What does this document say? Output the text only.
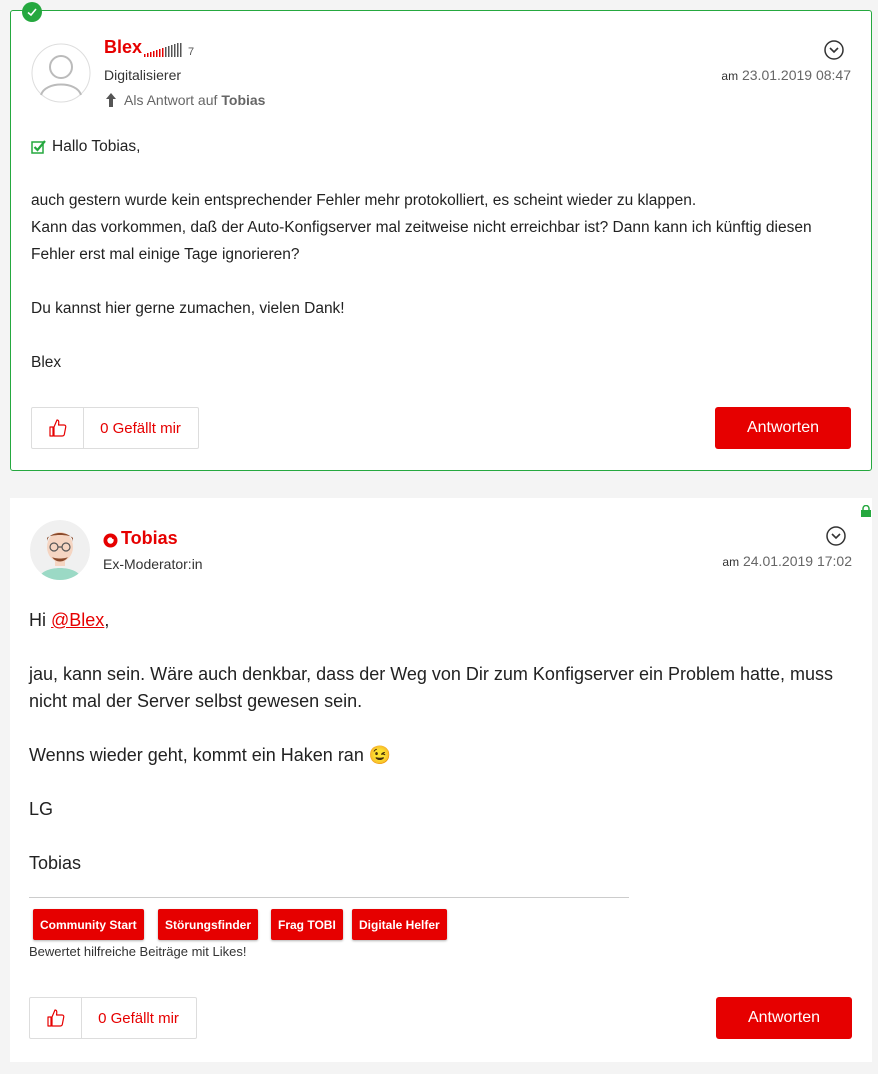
Blex	7
Digitalisierer
Als Antwort auf Tobias
am 23.01.2019 08:47

Hallo Tobias,

auch gestern wurde kein entsprechender Fehler mehr protokolliert, es scheint wieder zu klappen.

Kann das vorkommen, daß der Auto-Konfigserver mal zeitweise nicht erreichbar ist? Dann kann ich künftig diesen Fehler erst mal einige Tage ignorieren?

Du kannst hier gerne zumachen, vielen Dank!

Blex

0 Gefällt mir	Antworten
Tobias
Ex-Moderator:in	am 24.01.2019 17:02

Hi @Blex,

jau, kann sein. Wäre auch denkbar, dass der Weg von Dir zum Konfigserver ein Problem hatte, muss nicht mal der Server selbst gewesen sein.

Wenns wieder geht, kommt ein Haken ran 😉

LG

Tobias

Community Start	Störungsfinder	Frag TOBI	Digitale Helfer
Bewertet hilfreiche Beiträge mit Likes!
0 Gefällt mir	Antworten
